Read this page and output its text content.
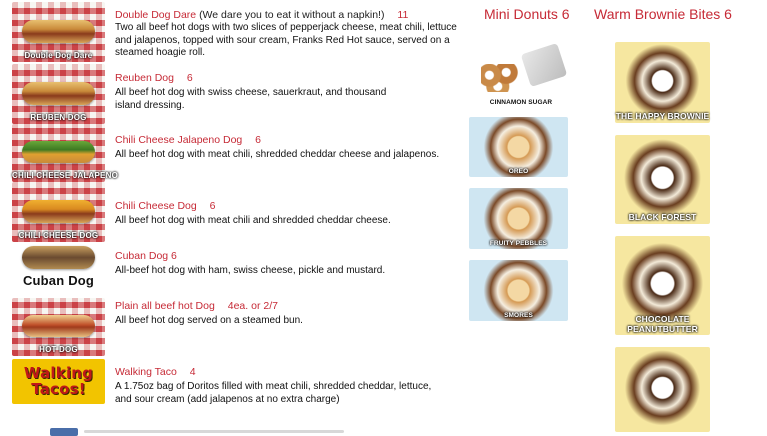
Double Dog Dare
REUBEN DOG
CHILI CHEESE JALAPENO
CHILI CHEESE DOG
Cuban Dog
HOT DOG
Walking Tacos!
Double Dog Dare (We dare you to eat it without a napkin!) 11
Two all beef hot dogs with two slices of pepperjack cheese, meat chili, lettuce and jalapenos, topped with sour cream, Franks Red Hot sauce, served on a steamed hoagie roll.
Reuben Dog 6
All beef hot dog with swiss cheese, sauerkraut, and thousand island dressing.
Chili Cheese Jalapeno Dog 6
All beef hot dog with meat chili, shredded cheddar cheese and jalapenos.
Chili Cheese Dog 6
All beef hot dog with meat chili and shredded cheddar cheese.
Cuban Dog 6
All-beef hot dog with ham, swiss cheese, pickle and mustard.
Plain all beef hot Dog 4ea. or 2/7
All beef hot dog served on a steamed bun.
Walking Taco 4
A 1.75oz bag of Doritos filled with meat chili, shredded cheddar, lettuce, and sour cream (add jalapenos at no extra charge)
Mini Donuts 6
CINNAMON SUGAR
OREO
FRUITY PEBBLES
SMORES
Warm Brownie Bites 6
THE HAPPY BROWNIE
BLACK FOREST
CHOCOLATE PEANUTBUTTER
